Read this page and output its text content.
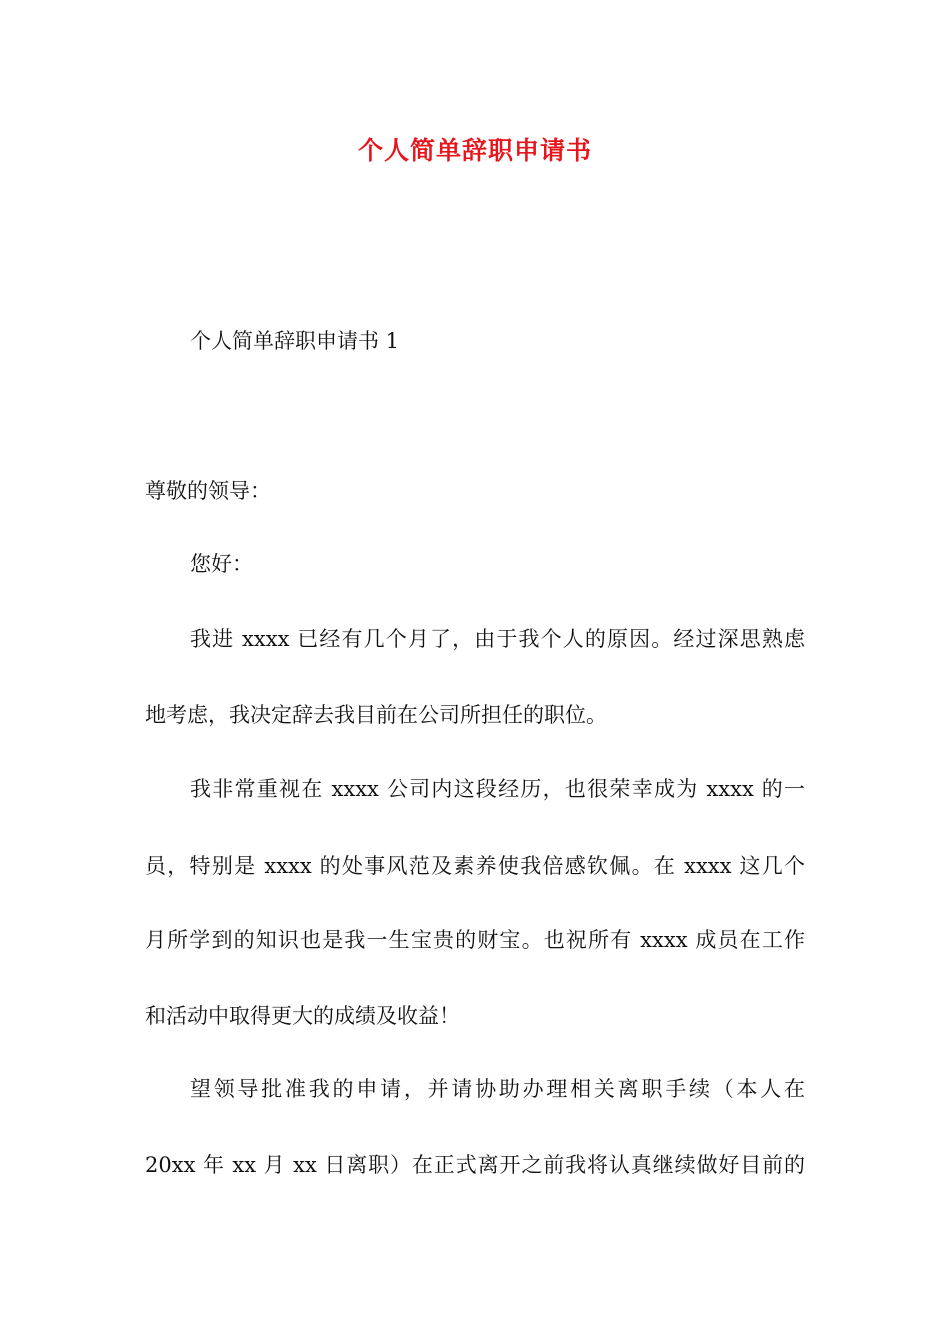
个人简单辞职申请书
个人简单辞职申请书 1
尊敬的领导：
您好：
我进 xxxx 已经有几个月了，由于我个人的原因。经过深思熟虑
地考虑，我决定辞去我目前在公司所担任的职位。
我非常重视在 xxxx 公司内这段经历，也很荣幸成为 xxxx 的一
员，特别是 xxxx 的处事风范及素养使我倍感钦佩。在 xxxx 这几个
月所学到的知识也是我一生宝贵的财宝。也祝所有 xxxx 成员在工作
和活动中取得更大的成绩及收益！
望领导批准我的申请，并请协助办理相关离职手续（本人在
20xx 年 xx 月 xx 日离职）在正式离开之前我将认真继续做好目前的
